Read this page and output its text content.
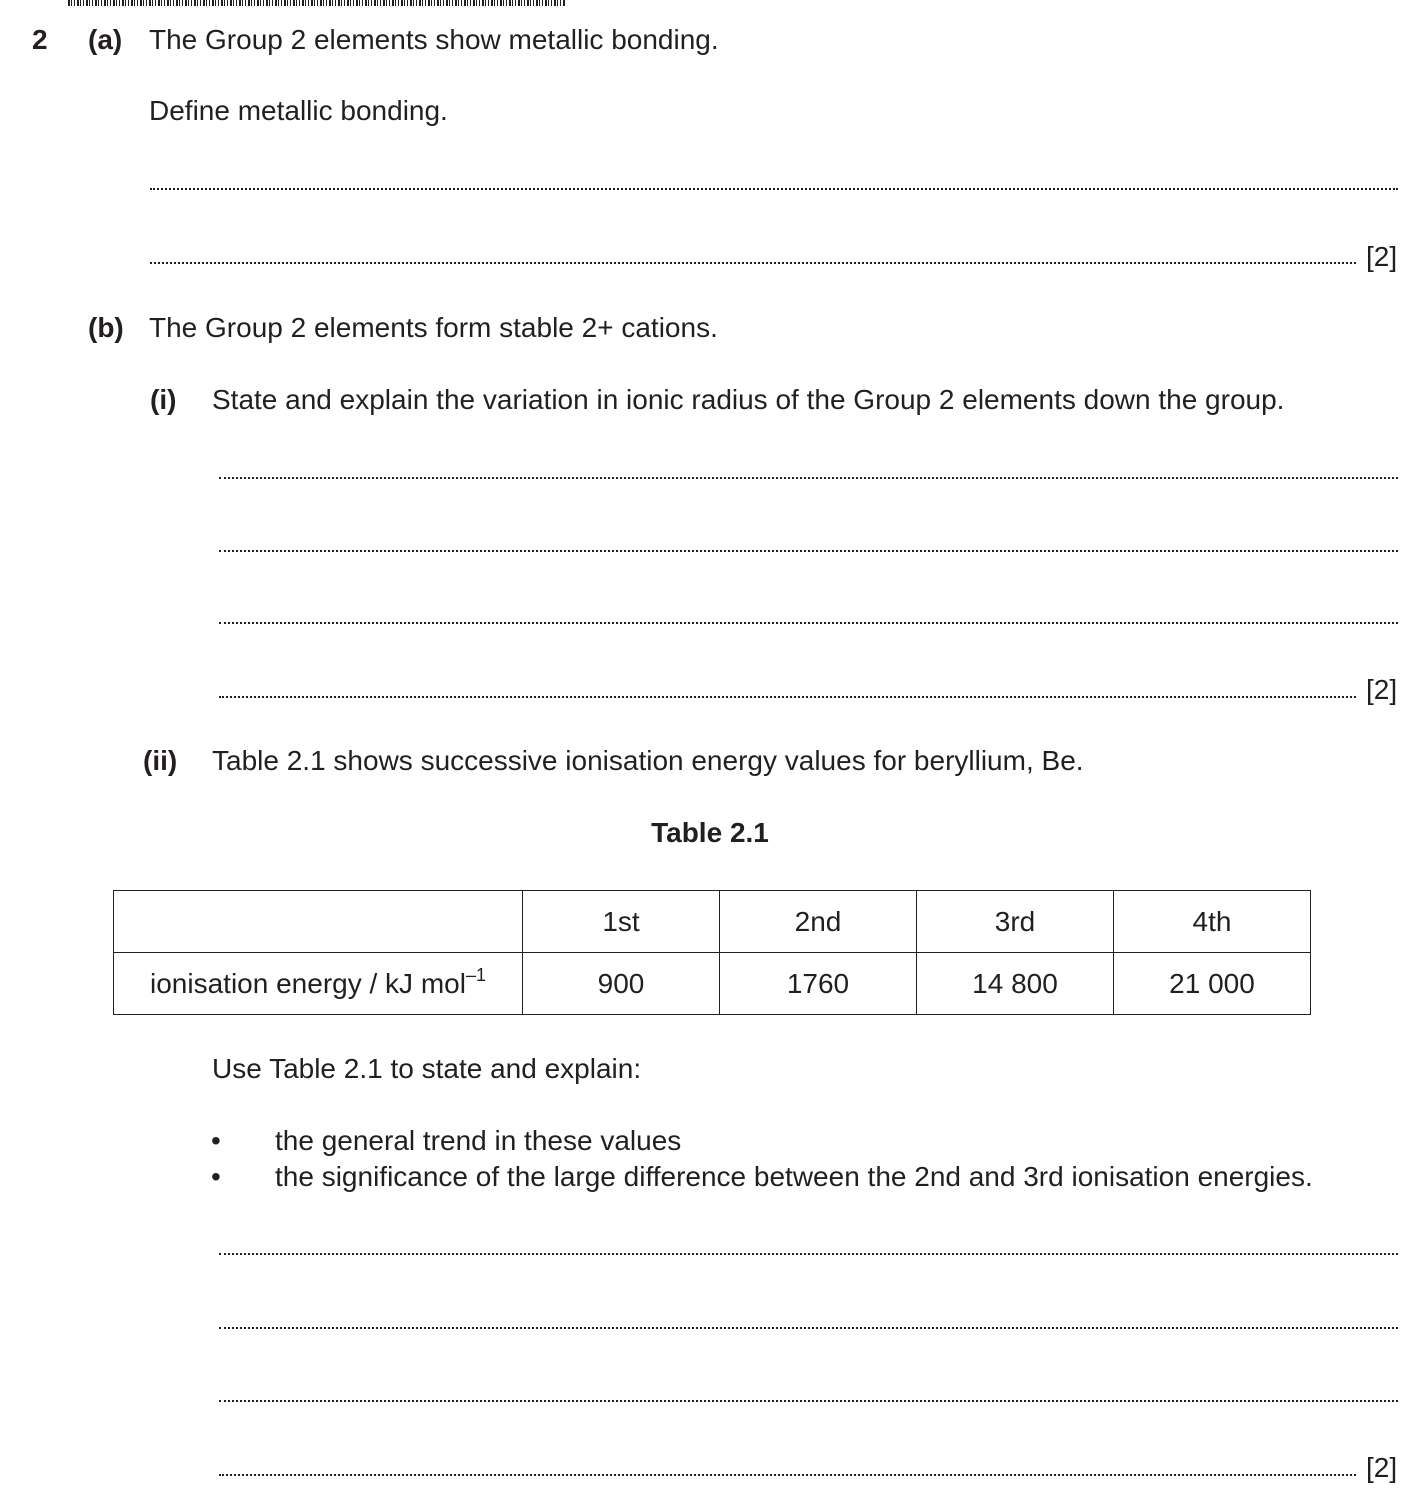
2 (a) The Group 2 elements show metallic bonding.
Define metallic bonding.
[2]
(b) The Group 2 elements form stable 2+ cations.
(i) State and explain the variation in ionic radius of the Group 2 elements down the group.
[2]
(ii) Table 2.1 shows successive ionisation energy values for beryllium, Be.
Table 2.1
	1st	2nd	3rd	4th
ionisation energy / kJ mol$^{-1}$	900	1760	14 800	21 000
Use Table 2.1 to state and explain:
• the general trend in these values
• the significance of the large difference between the 2nd and 3rd ionisation energies.
[2]
